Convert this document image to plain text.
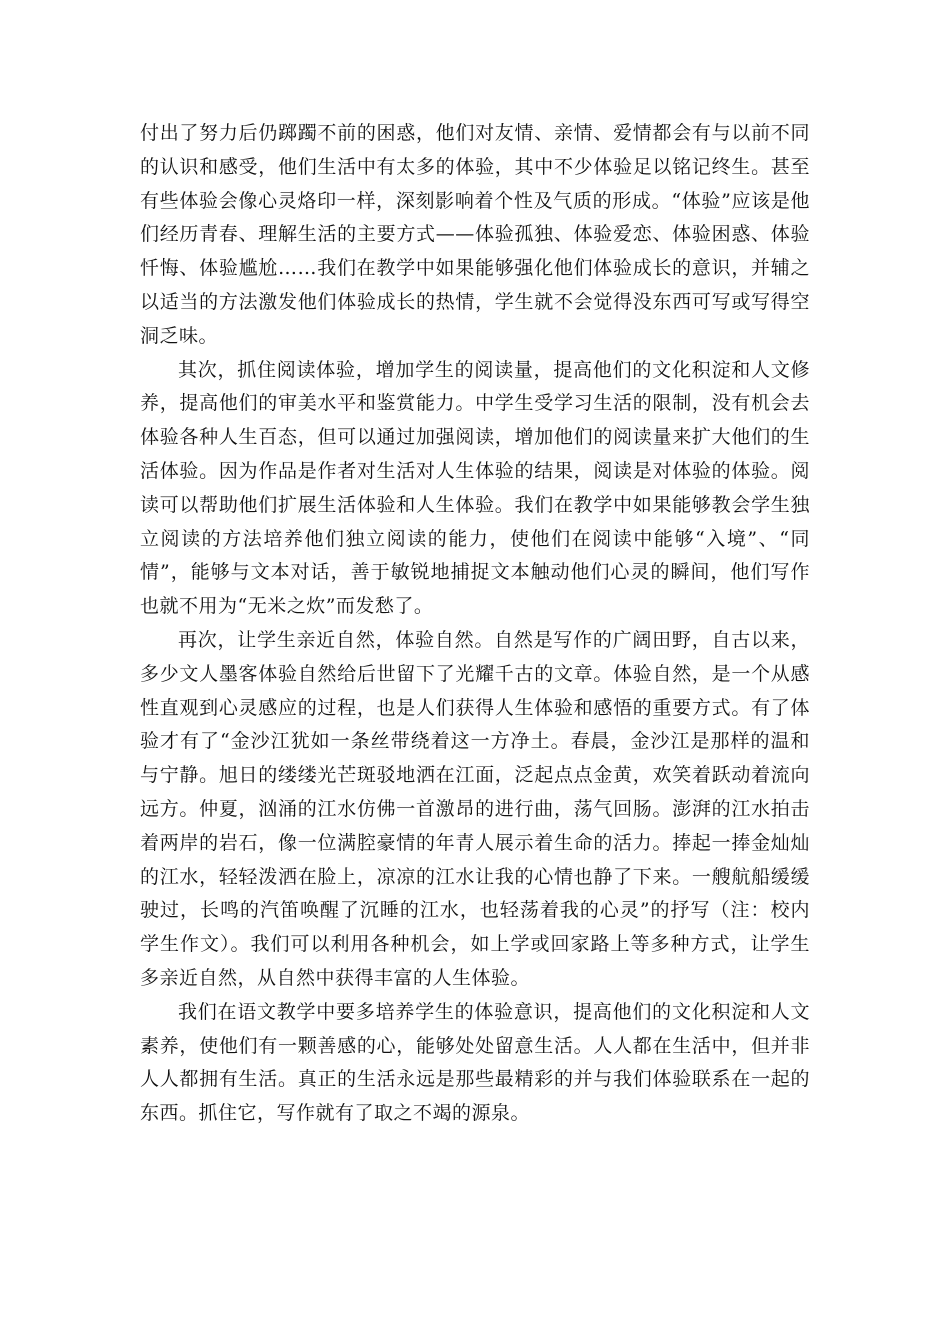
付出了努力后仍踯躅不前的困惑，他们对友情、亲情、爱情都会有与以前不同的认识和感受，他们生活中有太多的体验，其中不少体验足以铭记终生。甚至有些体验会像心灵烙印一样，深刻影响着个性及气质的形成。“体验”应该是他们经历青春、理解生活的主要方式——体验孤独、体验爱恋、体验困惑、体验忏悔、体验尴尬……我们在教学中如果能够强化他们体验成长的意识，并辅之以适当的方法激发他们体验成长的热情，学生就不会觉得没东西可写或写得空洞乏味。

其次，抓住阅读体验，增加学生的阅读量，提高他们的文化积淀和人文修养，提高他们的审美水平和鉴赏能力。中学生受学习生活的限制，没有机会去体验各种人生百态，但可以通过加强阅读，增加他们的阅读量来扩大他们的生活体验。因为作品是作者对生活对人生体验的结果，阅读是对体验的体验。阅读可以帮助他们扩展生活体验和人生体验。我们在教学中如果能够教会学生独立阅读的方法培养他们独立阅读的能力，使他们在阅读中能够“入境”、“同情”，能够与文本对话，善于敏锐地捕捉文本触动他们心灵的瞬间，他们写作也就不用为“无米之炊”而发愁了。

再次，让学生亲近自然，体验自然。自然是写作的广阔田野，自古以来，多少文人墨客体验自然给后世留下了光耀千古的文章。体验自然，是一个从感性直观到心灵感应的过程，也是人们获得人生体验和感悟的重要方式。有了体验才有了“金沙江犹如一条丝带绕着这一方净土。春晨，金沙江是那样的温和与宁静。旭日的缕缕光芒斑驳地洒在江面，泛起点点金黄，欢笑着跃动着流向远方。仲夏，汹涌的江水仿佛一首激昂的进行曲，荡气回肠。澎湃的江水拍击着两岸的岩石，像一位满腔豪情的年青人展示着生命的活力。捧起一捧金灿灿的江水，轻轻泼洒在脸上，凉凉的江水让我的心情也静了下来。一艘航船缓缓驶过，长鸣的汽笛唤醒了沉睡的江水，也轻荡着我的心灵”的抒写（注：校内学生作文）。我们可以利用各种机会，如上学或回家路上等多种方式，让学生多亲近自然，从自然中获得丰富的人生体验。

我们在语文教学中要多培养学生的体验意识，提高他们的文化积淀和人文素养，使他们有一颗善感的心，能够处处留意生活。人人都在生活中，但并非人人都拥有生活。真正的生活永远是那些最精彩的并与我们体验联系在一起的东西。抓住它，写作就有了取之不竭的源泉。
